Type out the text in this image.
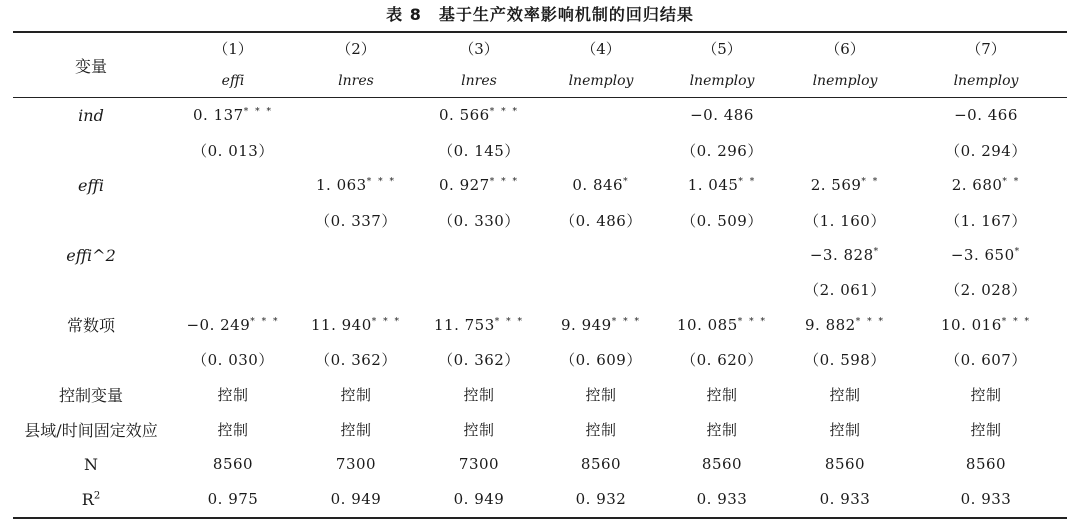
表 8　基于生产效率影响机制的回归结果
变量	（1）	（2）	（3）	（4）	（5）	（6）	（7）
	effi	lnres	lnres	lnemploy	lnemploy	lnemploy	lnemploy
ind	0. 137* * *		0. 566* * *		−0. 486		−0. 466
	（0. 013）		（0. 145）		（0. 296）		（0. 294）
effi		1. 063* * *	0. 927* * *	0. 846*	1. 045* *	2. 569* *	2. 680* *
		（0. 337）	（0. 330）	（0. 486）	（0. 509）	（1. 160）	（1. 167）
effi^2						−3. 828*	−3. 650*
						（2. 061）	（2. 028）
常数项	−0. 249* * *	11. 940* * *	11. 753* * *	9. 949* * *	10. 085* * *	9. 882* * *	10. 016* * *
	（0. 030）	（0. 362）	（0. 362）	（0. 609）	（0. 620）	（0. 598）	（0. 607）
控制变量	控制	控制	控制	控制	控制	控制	控制
县域/时间固定效应	控制	控制	控制	控制	控制	控制	控制
N	8560	7300	7300	8560	8560	8560	8560
$R^2$	0. 975	0. 949	0. 949	0. 932	0. 933	0. 933	0. 933
